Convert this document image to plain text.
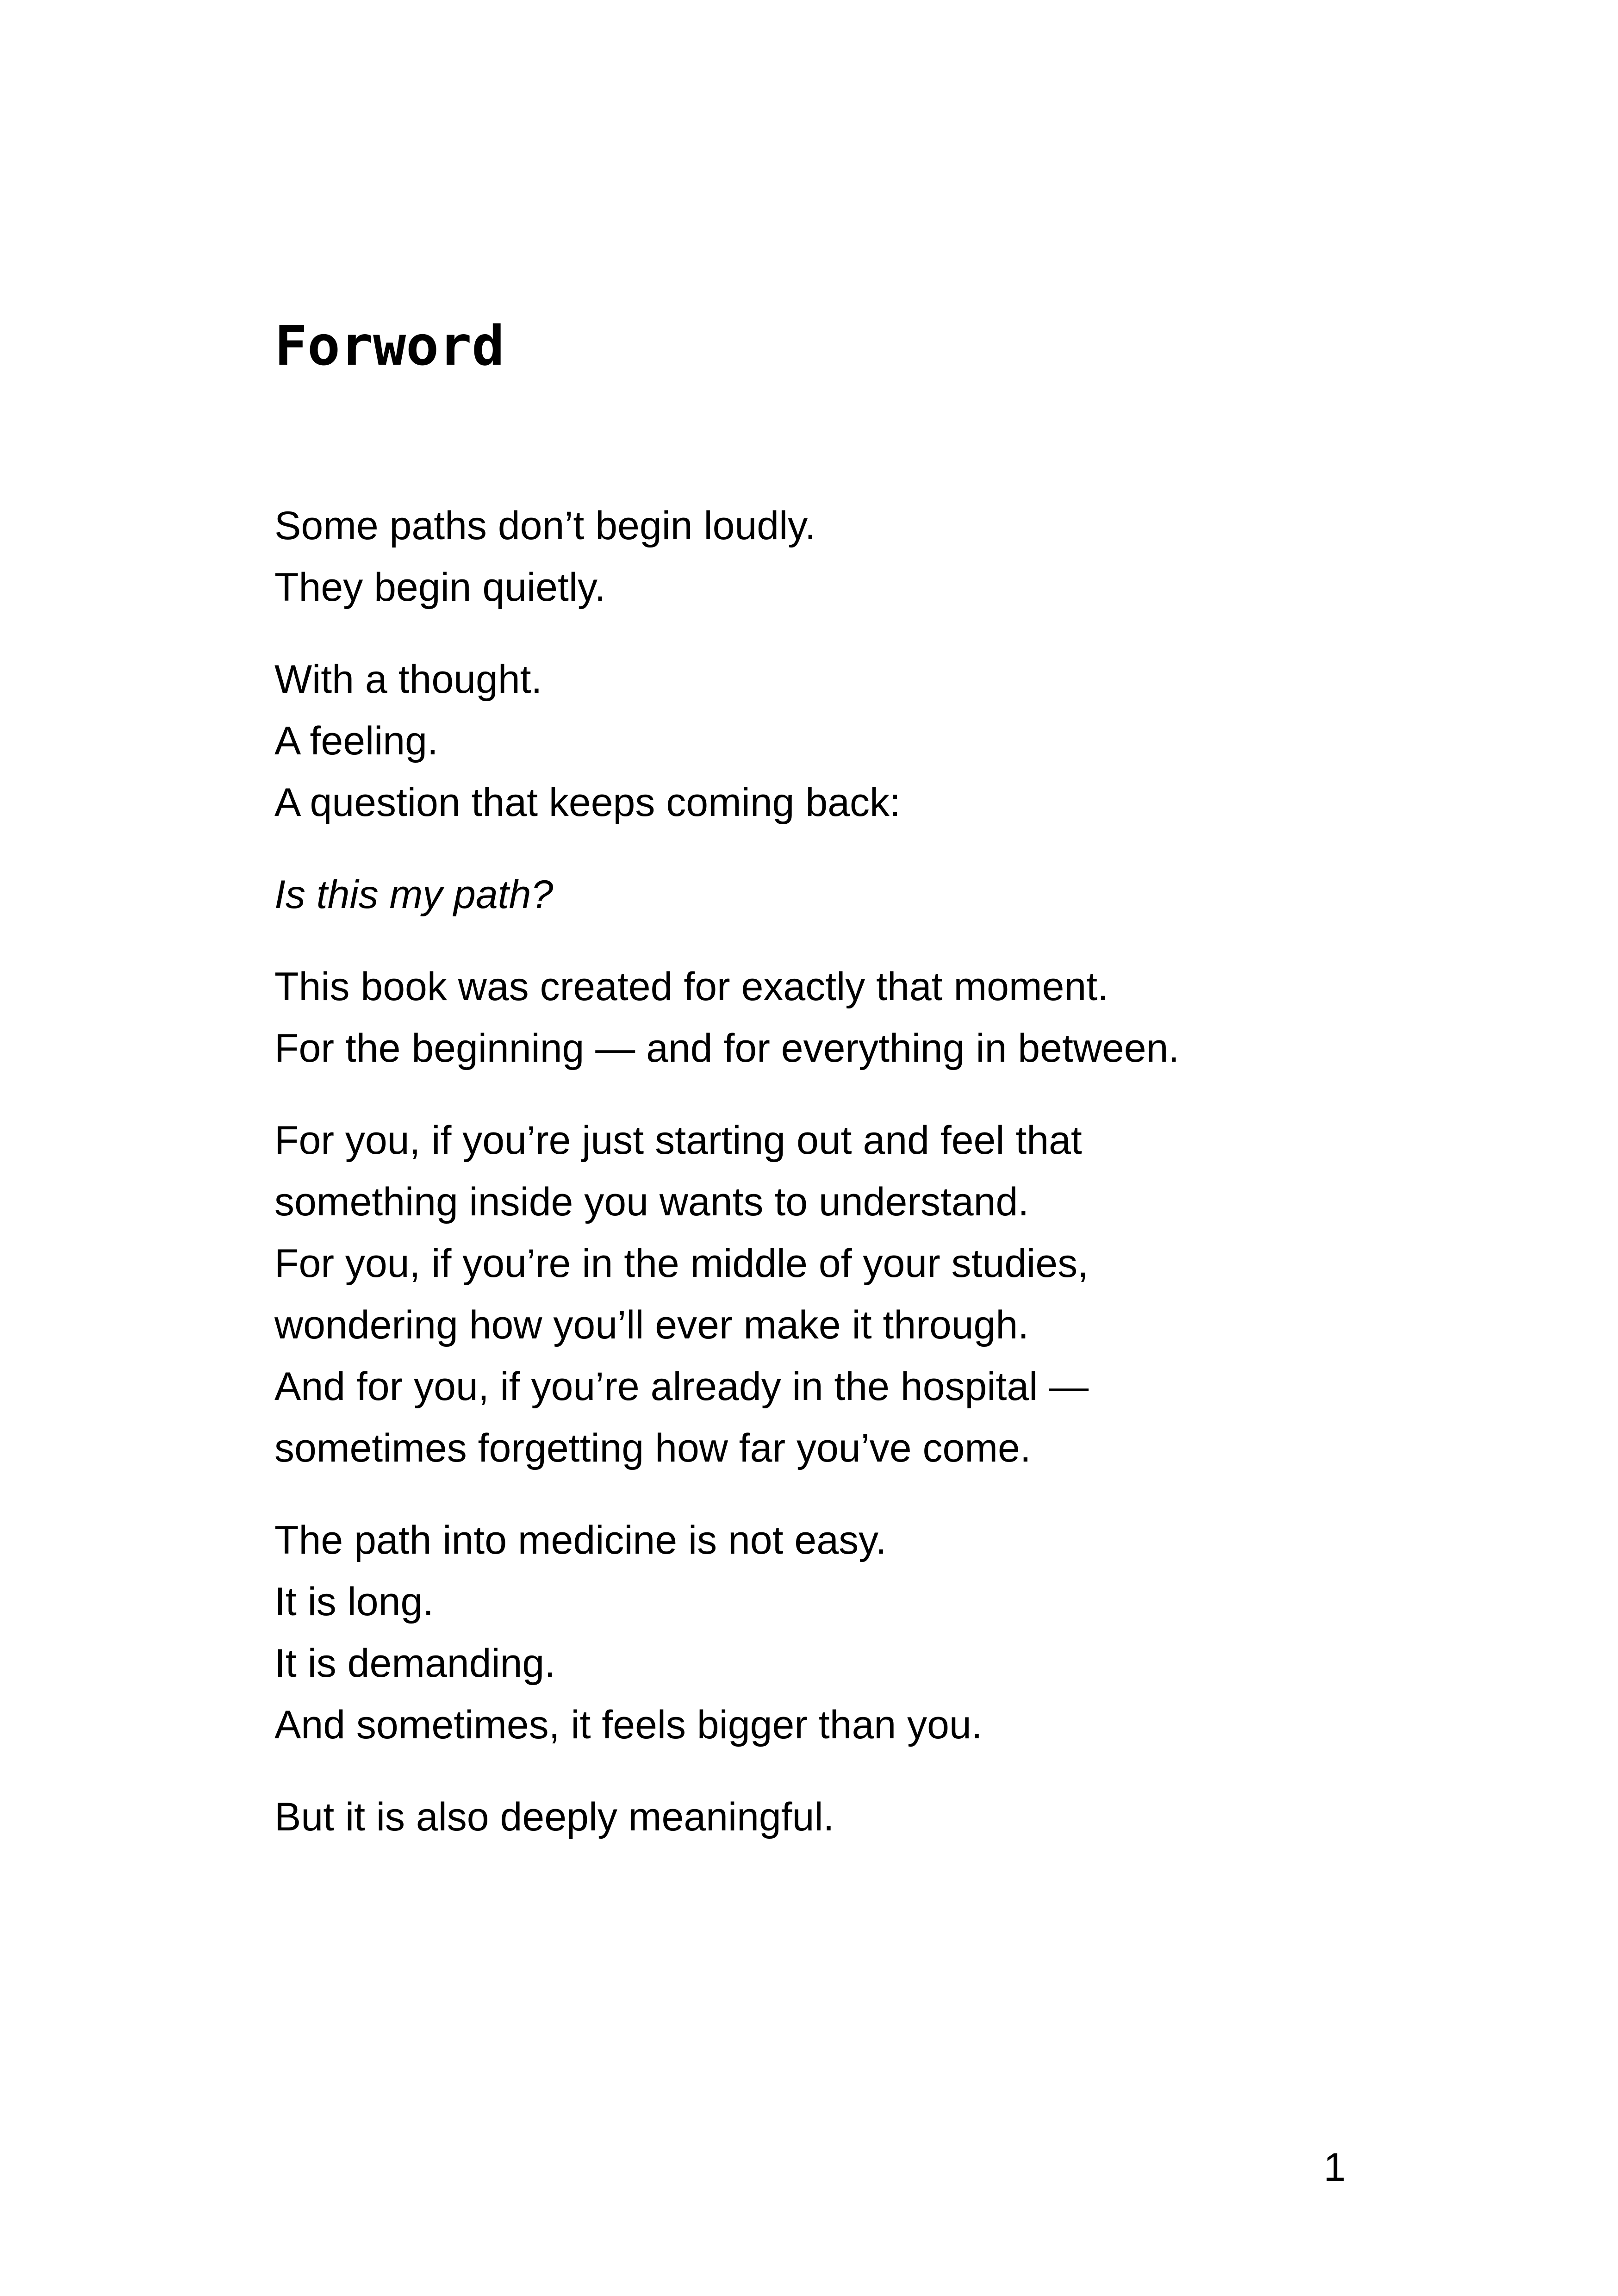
Forword

Some paths don’t begin loudly.
They begin quietly.

With a thought.
A feeling.
A question that keeps coming back:

Is this my path?

This book was created for exactly that moment.
For the beginning — and for everything in between.

For you, if you’re just starting out and feel that
something inside you wants to understand.
For you, if you’re in the middle of your studies,
wondering how you’ll ever make it through.
And for you, if you’re already in the hospital —
sometimes forgetting how far you’ve come.

The path into medicine is not easy.
It is long.
It is demanding.
And sometimes, it feels bigger than you.

But it is also deeply meaningful.

1
